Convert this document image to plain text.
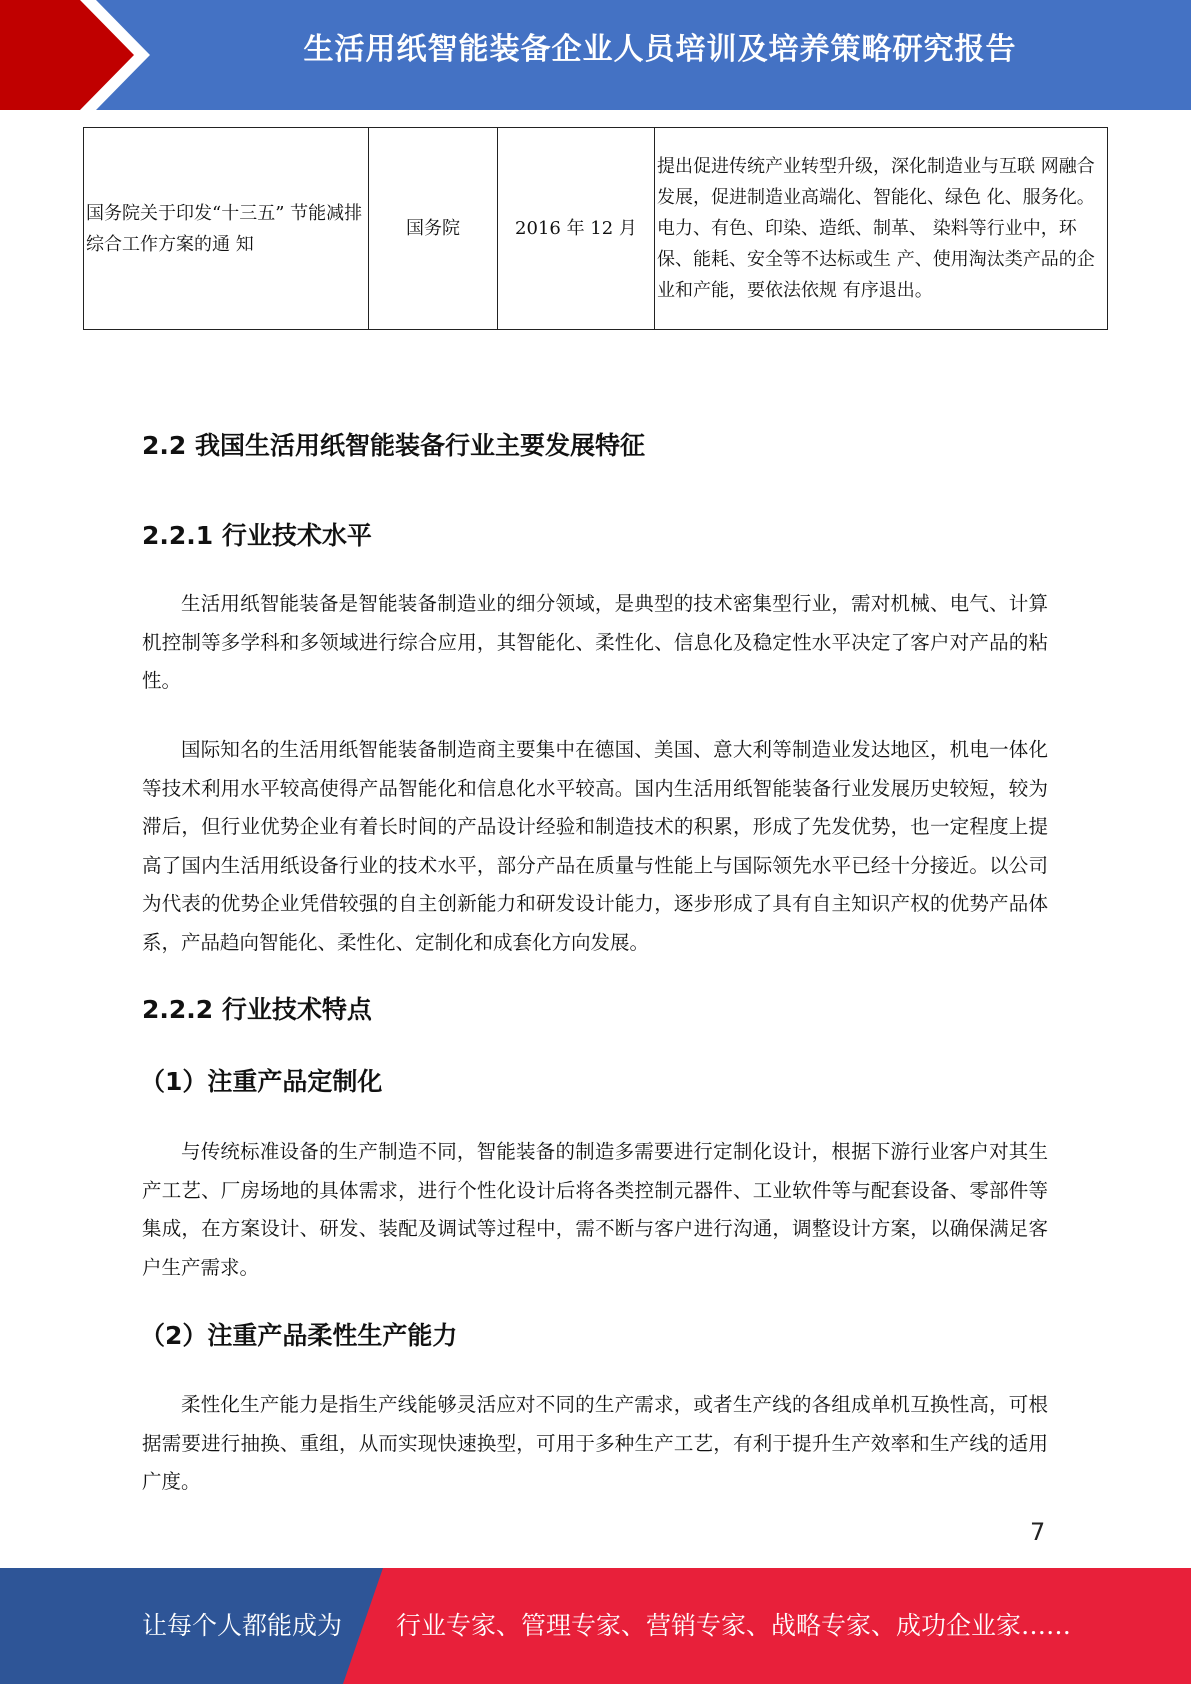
生活用纸智能装备企业人员培训及培养策略研究报告
国务院关于印发“十三五” 节能减排综合工作方案的通 知	国务院	2016 年 12 月	提出促进传统产业转型升级，深化制造业与互联 网融合发展，促进制造业高端化、智能化、绿色 化、服务化。电力、有色、印染、造纸、制革、 染料等行业中，环保、能耗、安全等不达标或生 产、使用淘汰类产品的企业和产能，要依法依规 有序退出。
2.2 我国生活用纸智能装备行业主要发展特征
2.2.1 行业技术水平

生活用纸智能装备是智能装备制造业的细分领域，是典型的技术密集型行业，需对机械、电气、计算机控制等多学科和多领域进行综合应用，其智能化、柔性化、信息化及稳定性水平决定了客户对产品的粘性。

国际知名的生活用纸智能装备制造商主要集中在德国、美国、意大利等制造业发达地区，机电一体化等技术利用水平较高使得产品智能化和信息化水平较高。国内生活用纸智能装备行业发展历史较短，较为滞后，但行业优势企业有着长时间的产品设计经验和制造技术的积累，形成了先发优势，也一定程度上提高了国内生活用纸设备行业的技术水平，部分产品在质量与性能上与国际领先水平已经十分接近。以公司为代表的优势企业凭借较强的自主创新能力和研发设计能力，逐步形成了具有自主知识产权的优势产品体系，产品趋向智能化、柔性化、定制化和成套化方向发展。

2.2.2 行业技术特点
（1）注重产品定制化

与传统标准设备的生产制造不同，智能装备的制造多需要进行定制化设计，根据下游行业客户对其生产工艺、厂房场地的具体需求，进行个性化设计后将各类控制元器件、工业软件等与配套设备、零部件等集成，在方案设计、研发、装配及调试等过程中，需不断与客户进行沟通，调整设计方案，以确保满足客户生产需求。

（2）注重产品柔性生产能力

柔性化生产能力是指生产线能够灵活应对不同的生产需求，或者生产线的各组成单机互换性高，可根据需要进行抽换、重组，从而实现快速换型，可用于多种生产工艺，有利于提升生产效率和生产线的适用广度。

7
让每个人都能成为 行业专家、管理专家、营销专家、战略专家、成功企业家……
